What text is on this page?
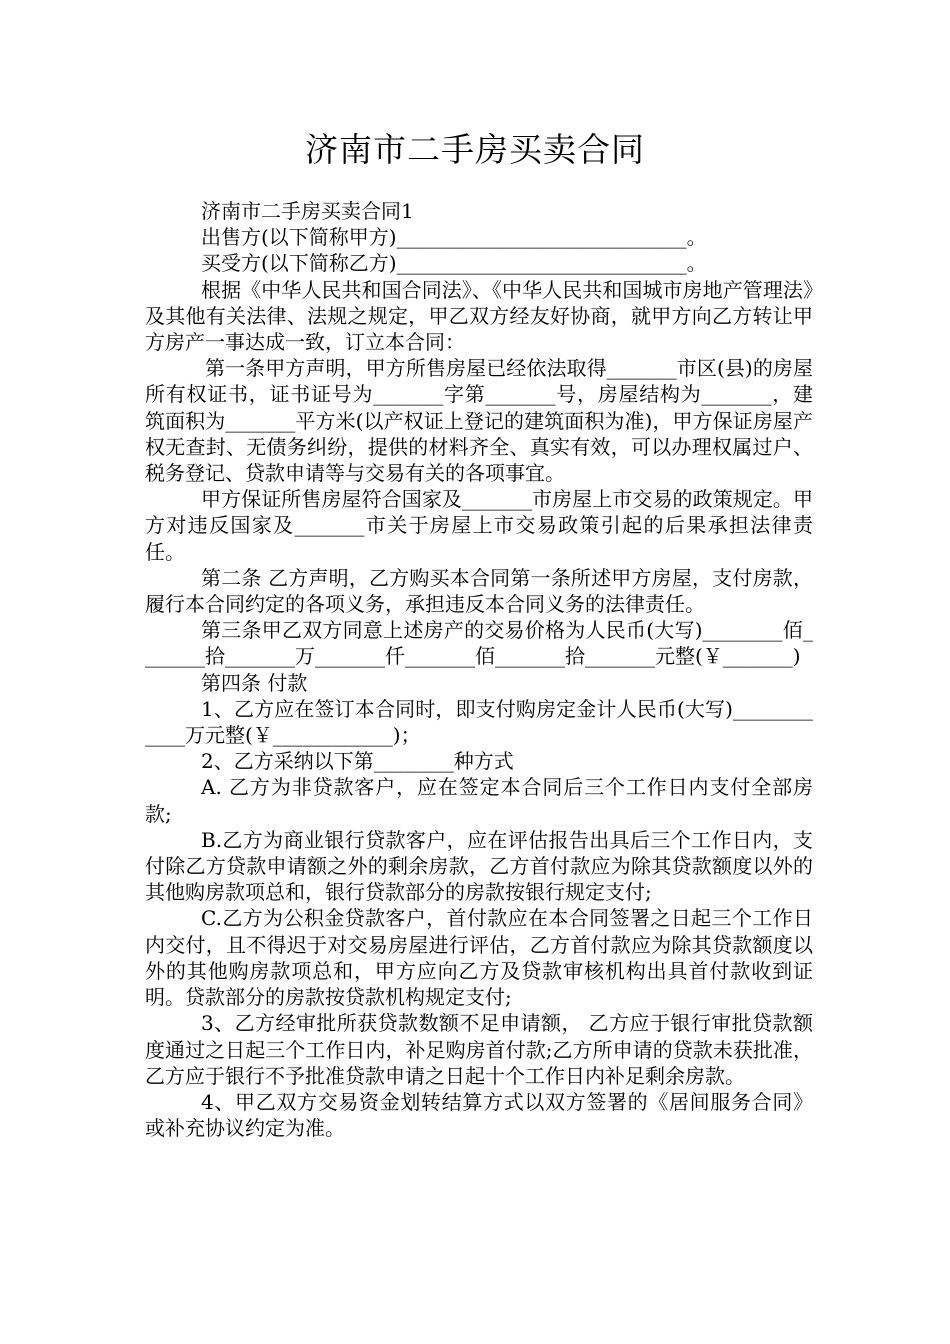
济南市二手房买卖合同

济南市二手房买卖合同1

出售方(以下简称甲方)_____________________________。

买受方(以下简称乙方)_____________________________。

根据《中华人民共和国合同法》、《中华人民共和国城市房地产管理法》及其他有关法律、法规之规定，甲乙双方经友好协商，就甲方向乙方转让甲方房产一事达成一致，订立本合同：

第一条甲方声明，甲方所售房屋已经依法取得_______市区(县)的房屋所有权证书，证书证号为_______字第_______号，房屋结构为_______，建筑面积为_______平方米(以产权证上登记的建筑面积为准)，甲方保证房屋产权无查封、无债务纠纷，提供的材料齐全、真实有效，可以办理权属过户、税务登记、贷款申请等与交易有关的各项事宜。

甲方保证所售房屋符合国家及_______市房屋上市交易的政策规定。甲方对违反国家及_______市关于房屋上市交易政策引起的后果承担法律责任。

第二条 乙方声明，乙方购买本合同第一条所述甲方房屋，支付房款，履行本合同约定的各项义务，承担违反本合同义务的法律责任。

第三条甲乙双方同意上述房产的交易价格为人民币(大写)________佰_______拾_______万_______仟_______佰_______拾_______元整(￥_______)

第四条 付款

1、乙方应在签订本合同时，即支付购房定金计人民币(大写)____________万元整(￥____________)；

2、乙方采纳以下第________种方式

A. 乙方为非贷款客户，应在签定本合同后三个工作日内支付全部房款;

B.乙方为商业银行贷款客户，应在评估报告出具后三个工作日内，支付除乙方贷款申请额之外的剩余房款，乙方首付款应为除其贷款额度以外的其他购房款项总和，银行贷款部分的房款按银行规定支付;

C.乙方为公积金贷款客户，首付款应在本合同签署之日起三个工作日内交付，且不得迟于对交易房屋进行评估，乙方首付款应为除其贷款额度以外的其他购房款项总和，甲方应向乙方及贷款审核机构出具首付款收到证明。贷款部分的房款按贷款机构规定支付;

3、乙方经审批所获贷款数额不足申请额， 乙方应于银行审批贷款额度通过之日起三个工作日内，补足购房首付款;乙方所申请的贷款未获批准，乙方应于银行不予批准贷款申请之日起十个工作日内补足剩余房款。

4、甲乙双方交易资金划转结算方式以双方签署的《居间服务合同》或补充协议约定为准。
